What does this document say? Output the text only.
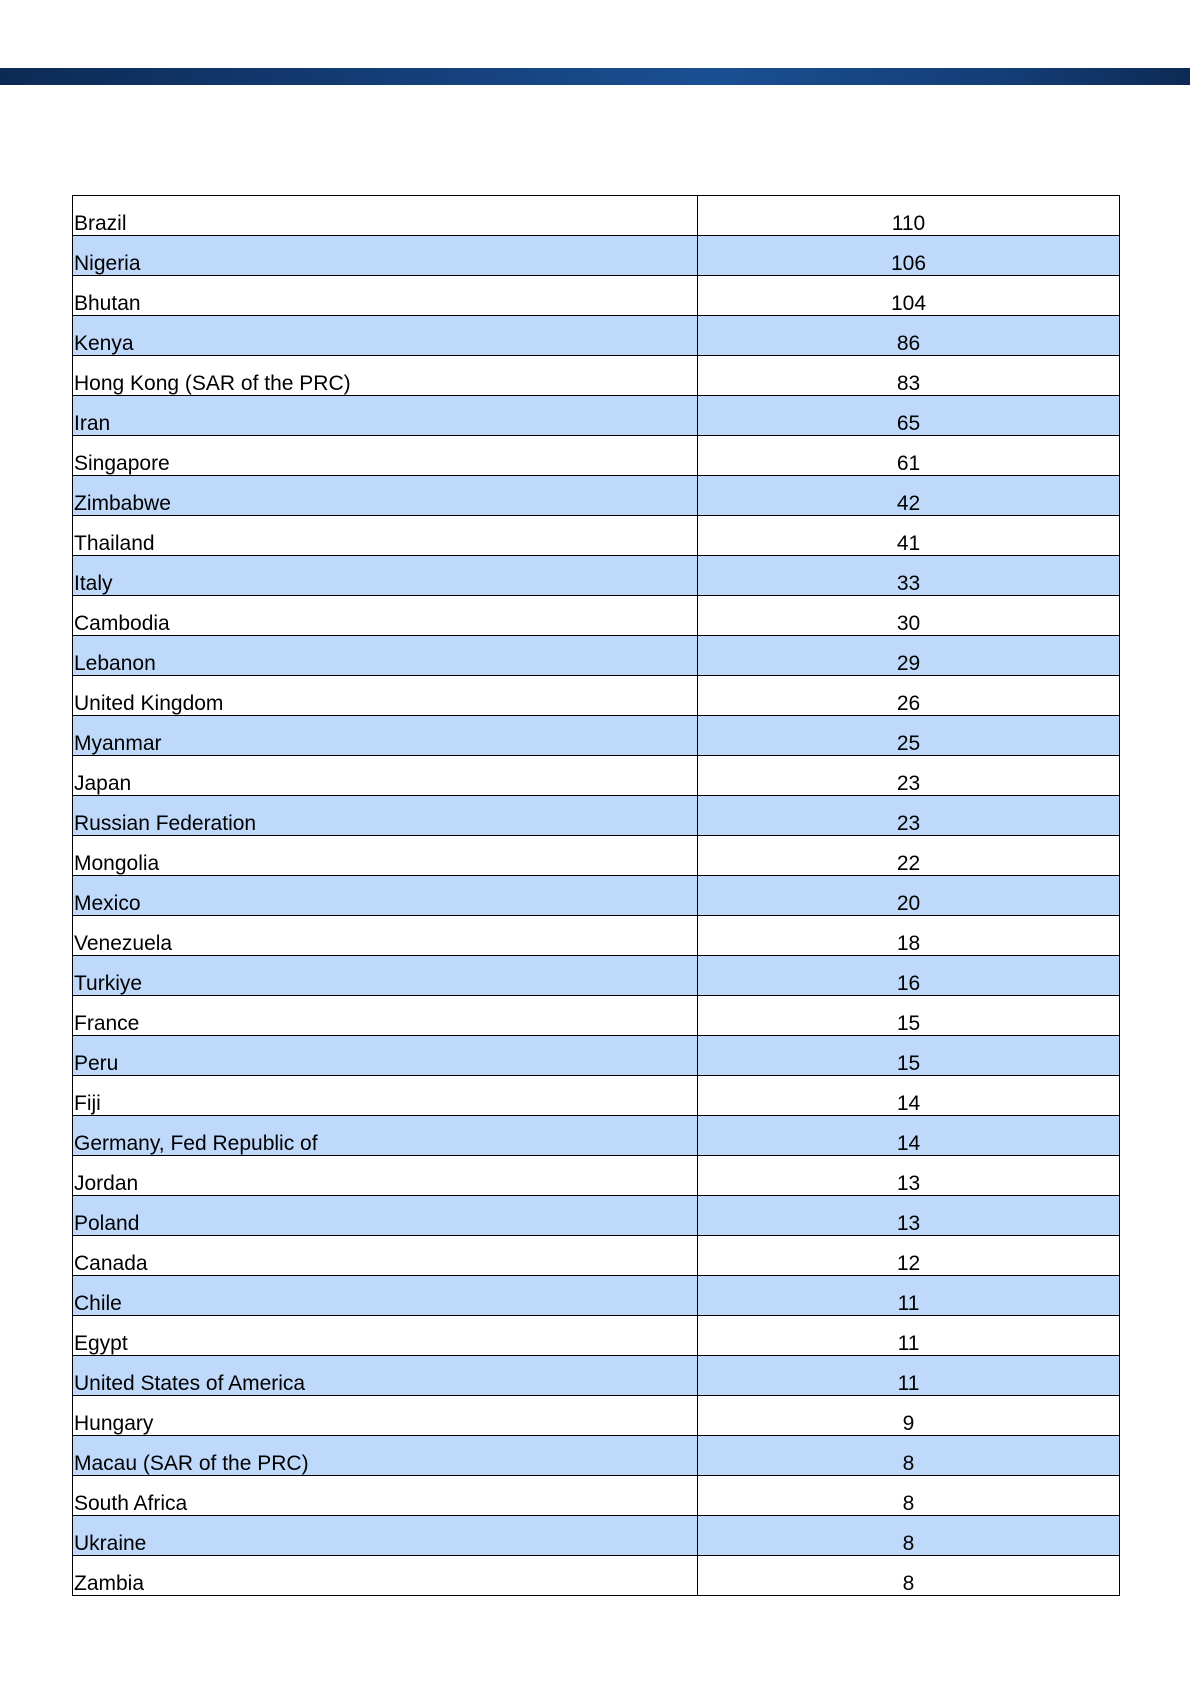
Brazil	110
Nigeria	106
Bhutan	104
Kenya	86
Hong Kong (SAR of the PRC)	83
Iran	65
Singapore	61
Zimbabwe	42
Thailand	41
Italy	33
Cambodia	30
Lebanon	29
United Kingdom	26
Myanmar	25
Japan	23
Russian Federation	23
Mongolia	22
Mexico	20
Venezuela	18
Turkiye	16
France	15
Peru	15
Fiji	14
Germany, Fed Republic of	14
Jordan	13
Poland	13
Canada	12
Chile	11
Egypt	11
United States of America	11
Hungary	9
Macau (SAR of the PRC)	8
South Africa	8
Ukraine	8
Zambia	8
